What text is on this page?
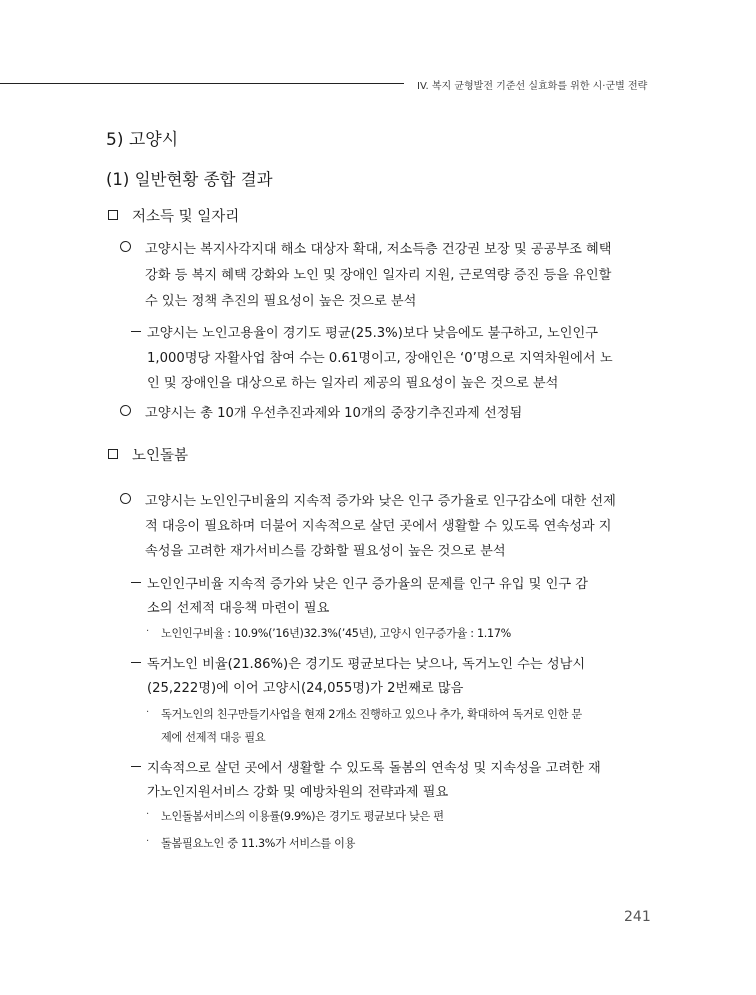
IV. 복지 균형발전 기준선 실효화를 위한 시·군별 전략
5) 고양시
(1) 일반현황 종합 결과
저소득 및 일자리
고양시는 복지사각지대 해소 대상자 확대, 저소득층 건강권 보장 및 공공부조 혜택
강화 등 복지 혜택 강화와 노인 및 장애인 일자리 지원, 근로역량 증진 등을 유인할
수 있는 정책 추진의 필요성이 높은 것으로 분석
고양시는 노인고용율이 경기도 평균(25.3%)보다 낮음에도 불구하고, 노인인구
1,000명당 자활사업 참여 수는 0.61명이고, 장애인은 ‘0’명으로 지역차원에서 노
인 및 장애인을 대상으로 하는 일자리 제공의 필요성이 높은 것으로 분석
고양시는 총 10개 우선추진과제와 10개의 중장기추진과제 선정됨
노인돌봄
고양시는 노인인구비율의 지속적 증가와 낮은 인구 증가율로 인구감소에 대한 선제
적 대응이 필요하며 더불어 지속적으로 살던 곳에서 생활할 수 있도록 연속성과 지
속성을 고려한 재가서비스를 강화할 필요성이 높은 것으로 분석
노인인구비율 지속적 증가와 낮은 인구 증가율의 문제를 인구 유입 및 인구 감
소의 선제적 대응책 마련이 필요
· 노인인구비율 : 10.9%(’16년)32.3%(’45년), 고양시 인구증가율 : 1.17%
독거노인 비율(21.86%)은 경기도 평균보다는 낮으나, 독거노인 수는 성남시
(25,222명)에 이어 고양시(24,055명)가 2번째로 많음
· 독거노인의 친구만들기사업을 현재 2개소 진행하고 있으나 추가, 확대하여 독거로 인한 문
제에 선제적 대응 필요
지속적으로 살던 곳에서 생활할 수 있도록 돌봄의 연속성 및 지속성을 고려한 재
가노인지원서비스 강화 및 예방차원의 전략과제 필요
· 노인돌봄서비스의 이용률(9.9%)은 경기도 평균보다 낮은 편
· 돌봄필요노인 중 11.3%가 서비스를 이용
241
